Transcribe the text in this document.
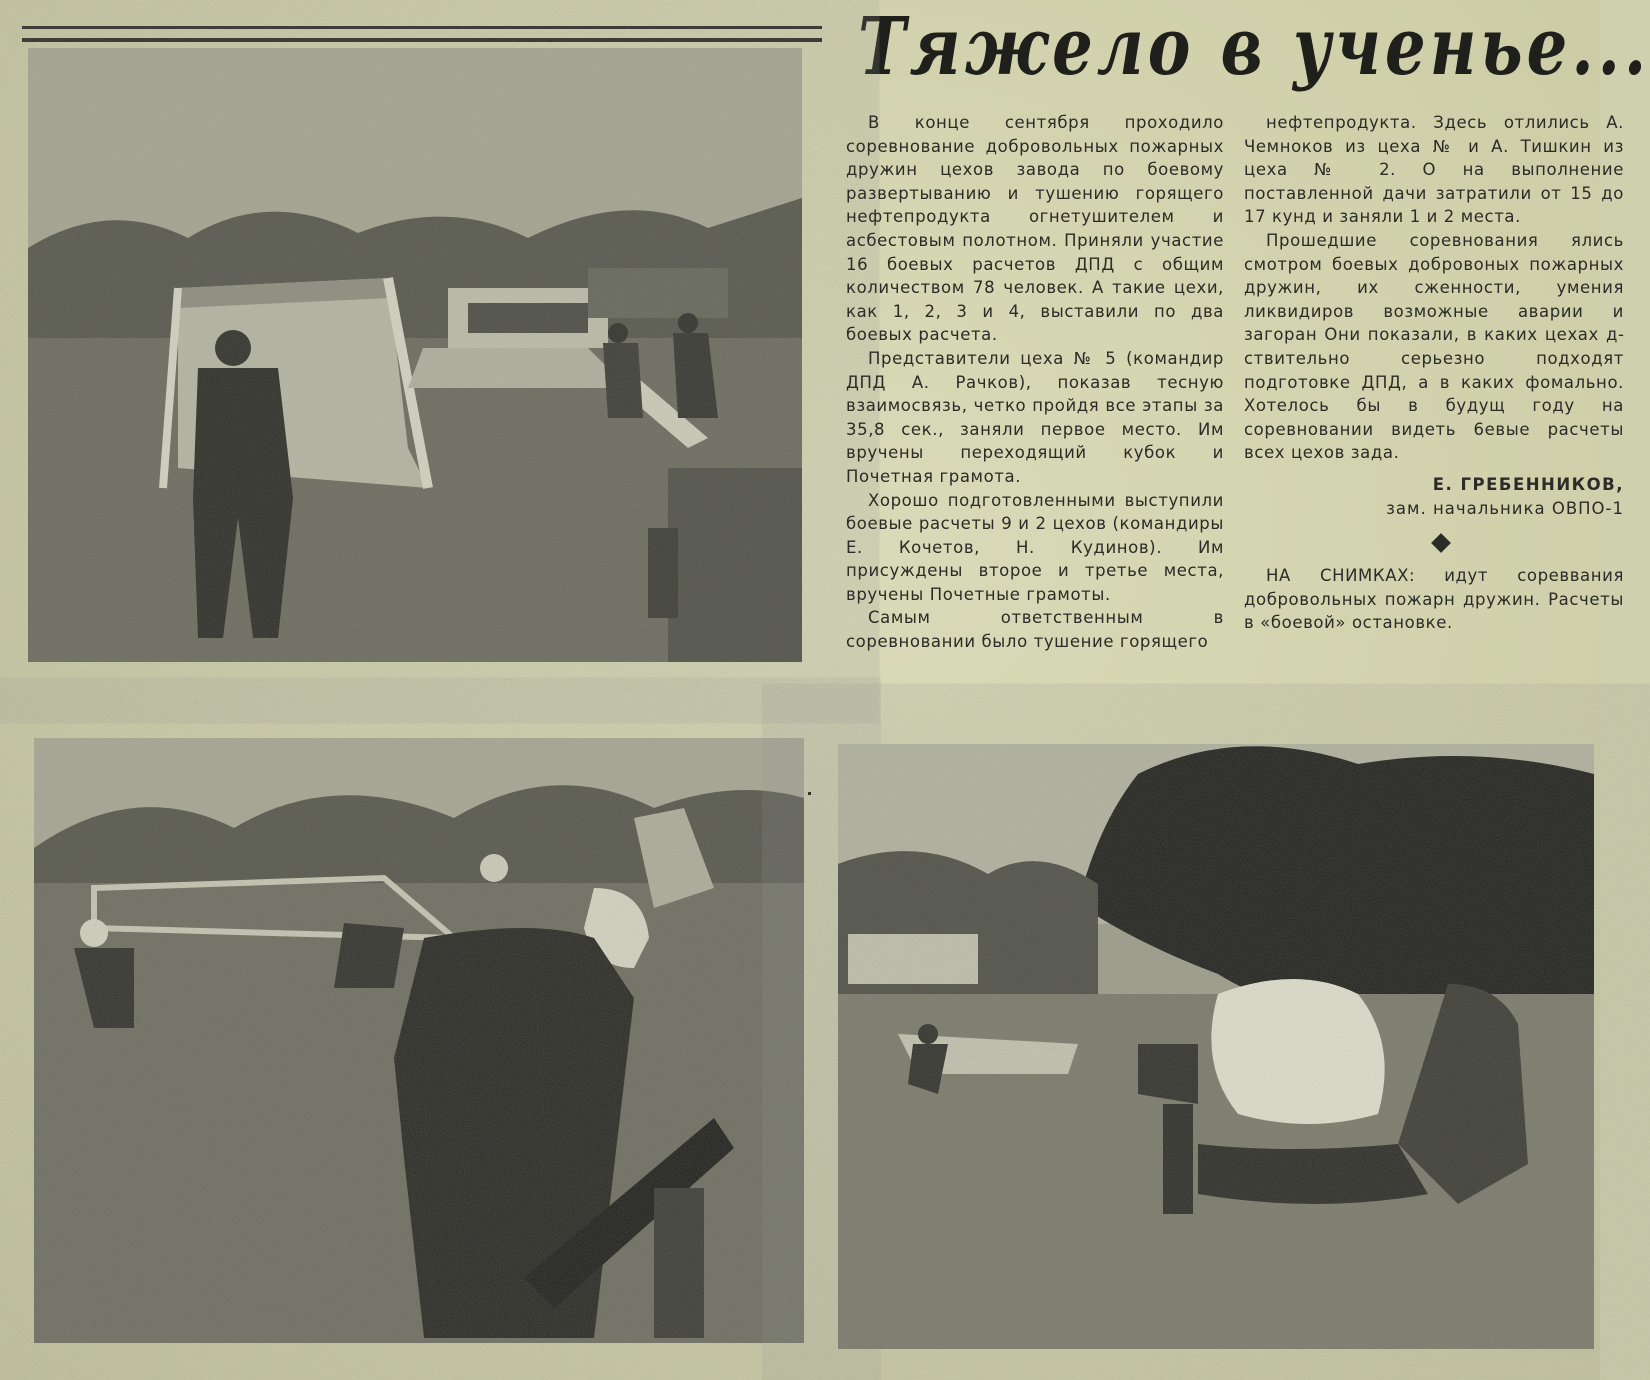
Тяжело в ученье...

В конце сентября проходило соревнование добровольных пожарных дружин цехов завода по боевому развертыванию и тушению горящего нефтепродукта огнетушителем и асбестовым полотном. Приняли участие 16 боевых расчетов ДПД с общим количеством 78 человек. А такие цехи, как 1, 2, 3 и 4, выставили по два боевых расчета.

Представители цеха № 5 (командир ДПД А. Рачков), показав тесную взаимосвязь, четко пройдя все этапы за 35,8 сек., заняли первое место. Им вручены переходящий кубок и Почетная грамота.

Хорошо подготовленными выступили боевые расчеты 9 и 2 цехов (командиры Е. Кочетов, Н. Кудинов). Им присуждены второе и третье места, вручены Почетные грамоты.

Самым ответственным в соревновании было тушение горящего

нефтепродукта. Здесь отлились А. Чемноков из цеха № и А. Тишкин из цеха № 2. О на выполнение поставленной дачи затратили от 15 до 17 кунд и заняли 1 и 2 места.

Прошедшие соревнования ялись смотром боевых добровоных пожарных дружин, их сженности, умения ликвидиров возможные аварии и загоран Они показали, в каких цехах дствительно серьезно подходят подготовке ДПД, а в каких фомально. Хотелось бы в будущ году на соревновании видеть 6евые расчеты всех цехов зада.

Е. ГРЕБЕННИКОВ,
зам. начальника ОВПО-1

НА СНИМКАХ: идут сореввания добровольных пожарн дружин. Расчеты в «боевой» остановке.
